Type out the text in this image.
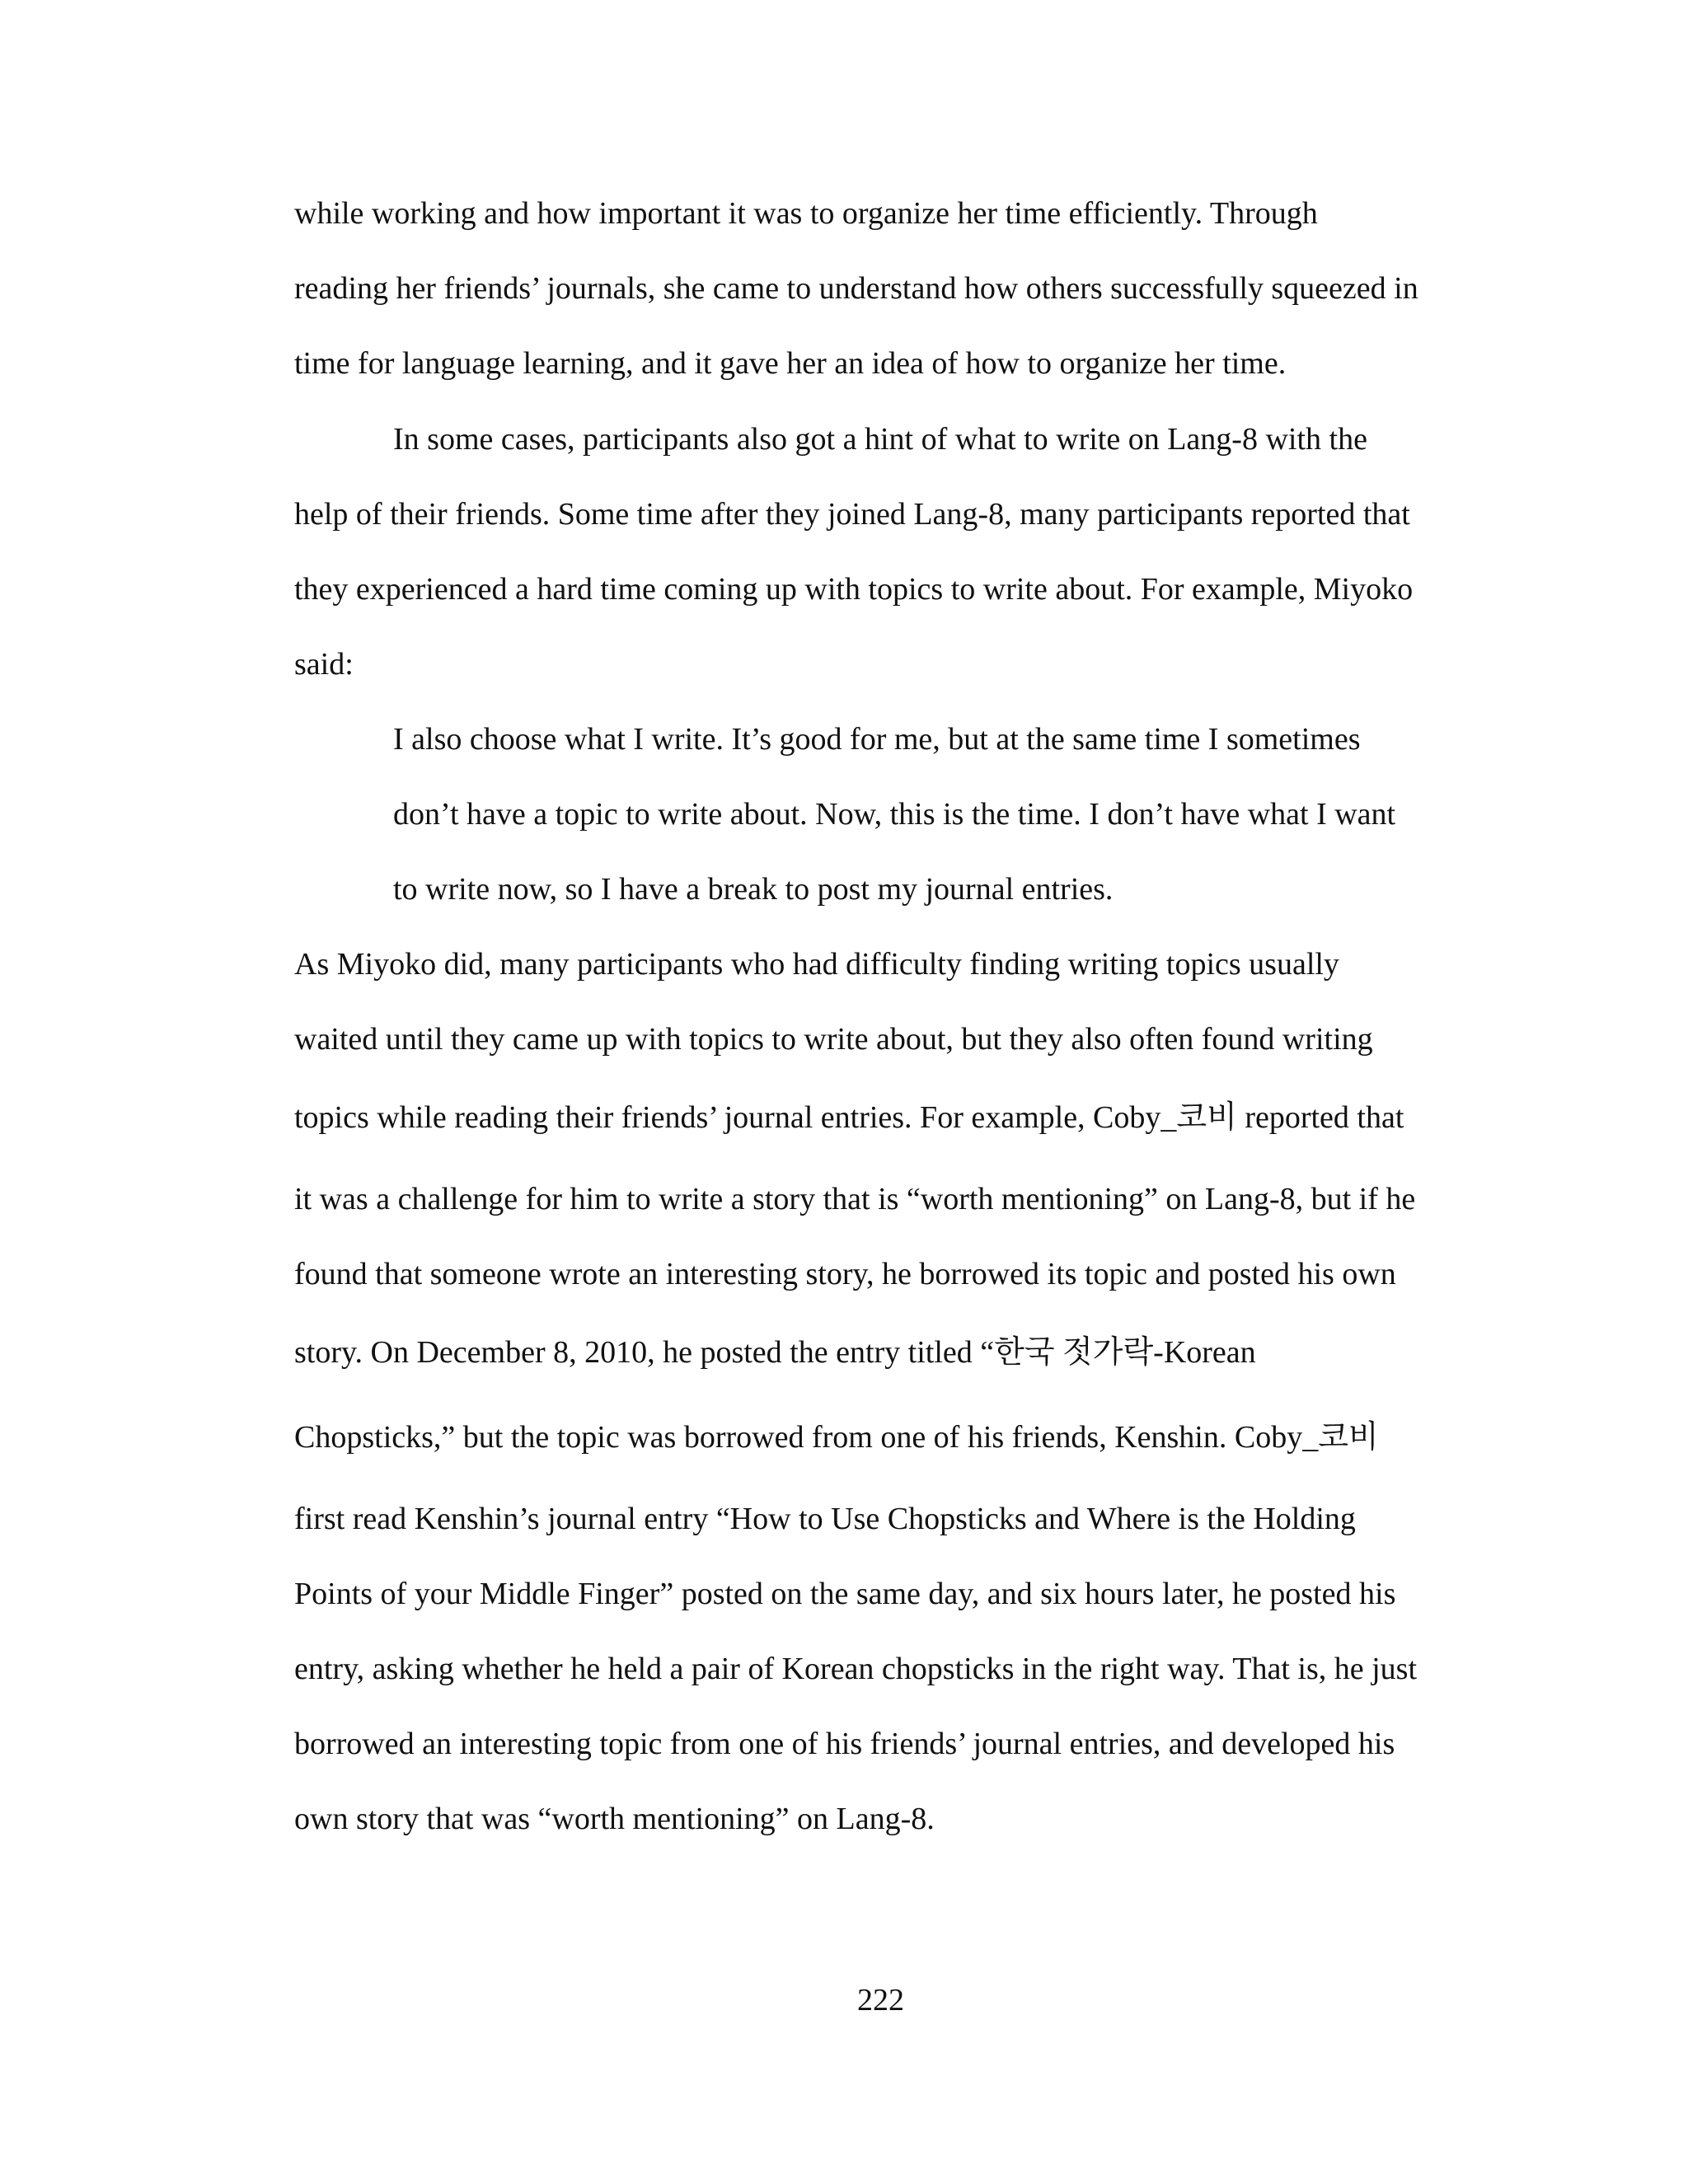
while working and how important it was to organize her time efficiently. Through
reading her friends’ journals, she came to understand how others successfully squeezed in
time for language learning, and it gave her an idea of how to organize her time.
In some cases, participants also got a hint of what to write on Lang-8 with the
help of their friends. Some time after they joined Lang-8, many participants reported that
they experienced a hard time coming up with topics to write about. For example, Miyoko
said:
I also choose what I write. It’s good for me, but at the same time I sometimes
don’t have a topic to write about. Now, this is the time. I don’t have what I want
to write now, so I have a break to post my journal entries.
As Miyoko did, many participants who had difficulty finding writing topics usually
waited until they came up with topics to write about, but they also often found writing
topics while reading their friends’ journal entries. For example, Coby_코비 reported that
it was a challenge for him to write a story that is “worth mentioning” on Lang-8, but if he
found that someone wrote an interesting story, he borrowed its topic and posted his own
story. On December 8, 2010, he posted the entry titled “한국 젓가락-Korean
Chopsticks,” but the topic was borrowed from one of his friends, Kenshin. Coby_코비
first read Kenshin’s journal entry “How to Use Chopsticks and Where is the Holding
Points of your Middle Finger” posted on the same day, and six hours later, he posted his
entry, asking whether he held a pair of Korean chopsticks in the right way. That is, he just
borrowed an interesting topic from one of his friends’ journal entries, and developed his
own story that was “worth mentioning” on Lang-8.
222
